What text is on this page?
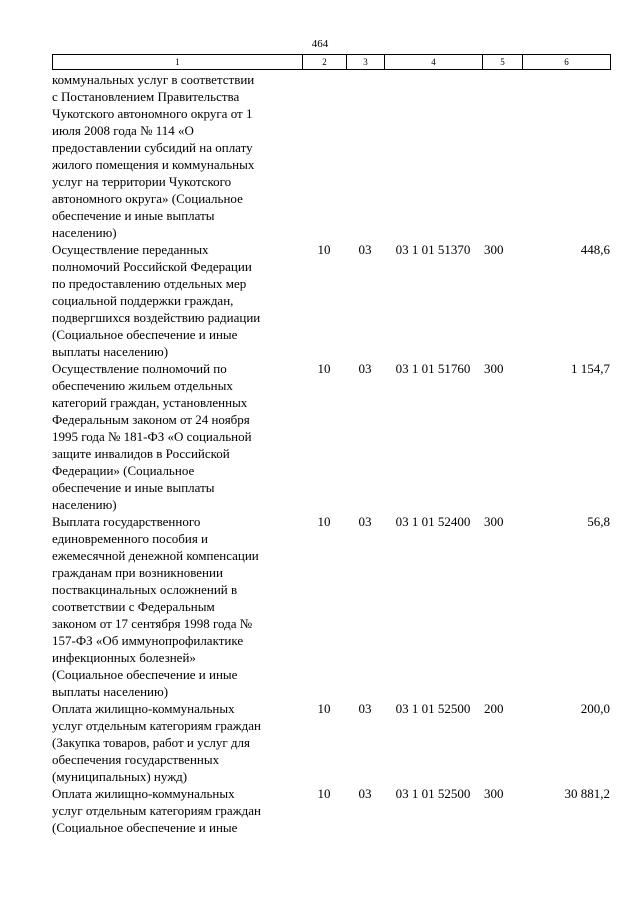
464
1	2	3	4	5	6
коммунальных услуг в соответствии
с Постановлением Правительства
Чукотского автономного округа от 1
июля 2008 года № 114 «О
предоставлении субсидий на оплату
жилого помещения и коммунальных
услуг на территории Чукотского
автономного округа» (Социальное
обеспечение и иные выплаты
населению)
Осуществление переданных
полномочий Российской Федерации
по предоставлению отдельных мер
социальной поддержки граждан,
подвергшихся воздействию радиации
(Социальное обеспечение и иные
выплаты населению)
10	03	03 1 01 51370	300	448,6
Осуществление полномочий по
обеспечению жильем отдельных
категорий граждан, установленных
Федеральным законом от 24 ноября
1995 года № 181-ФЗ «О социальной
защите инвалидов в Российской
Федерации» (Социальное
обеспечение и иные выплаты
населению)
10	03	03 1 01 51760	300	1 154,7
Выплата государственного
единовременного пособия и
ежемесячной денежной компенсации
гражданам при возникновении
поствакцинальных осложнений в
соответствии с Федеральным
законом от 17 сентября 1998 года №
157-ФЗ «Об иммунопрофилактике
инфекционных болезней»
(Социальное обеспечение и иные
выплаты населению)
10	03	03 1 01 52400	300	56,8
Оплата жилищно-коммунальных
услуг отдельным категориям граждан
(Закупка товаров, работ и услуг для
обеспечения государственных
(муниципальных) нужд)
10	03	03 1 01 52500	200	200,0
Оплата жилищно-коммунальных
услуг отдельным категориям граждан
(Социальное обеспечение и иные
10	03	03 1 01 52500	300	30 881,2
